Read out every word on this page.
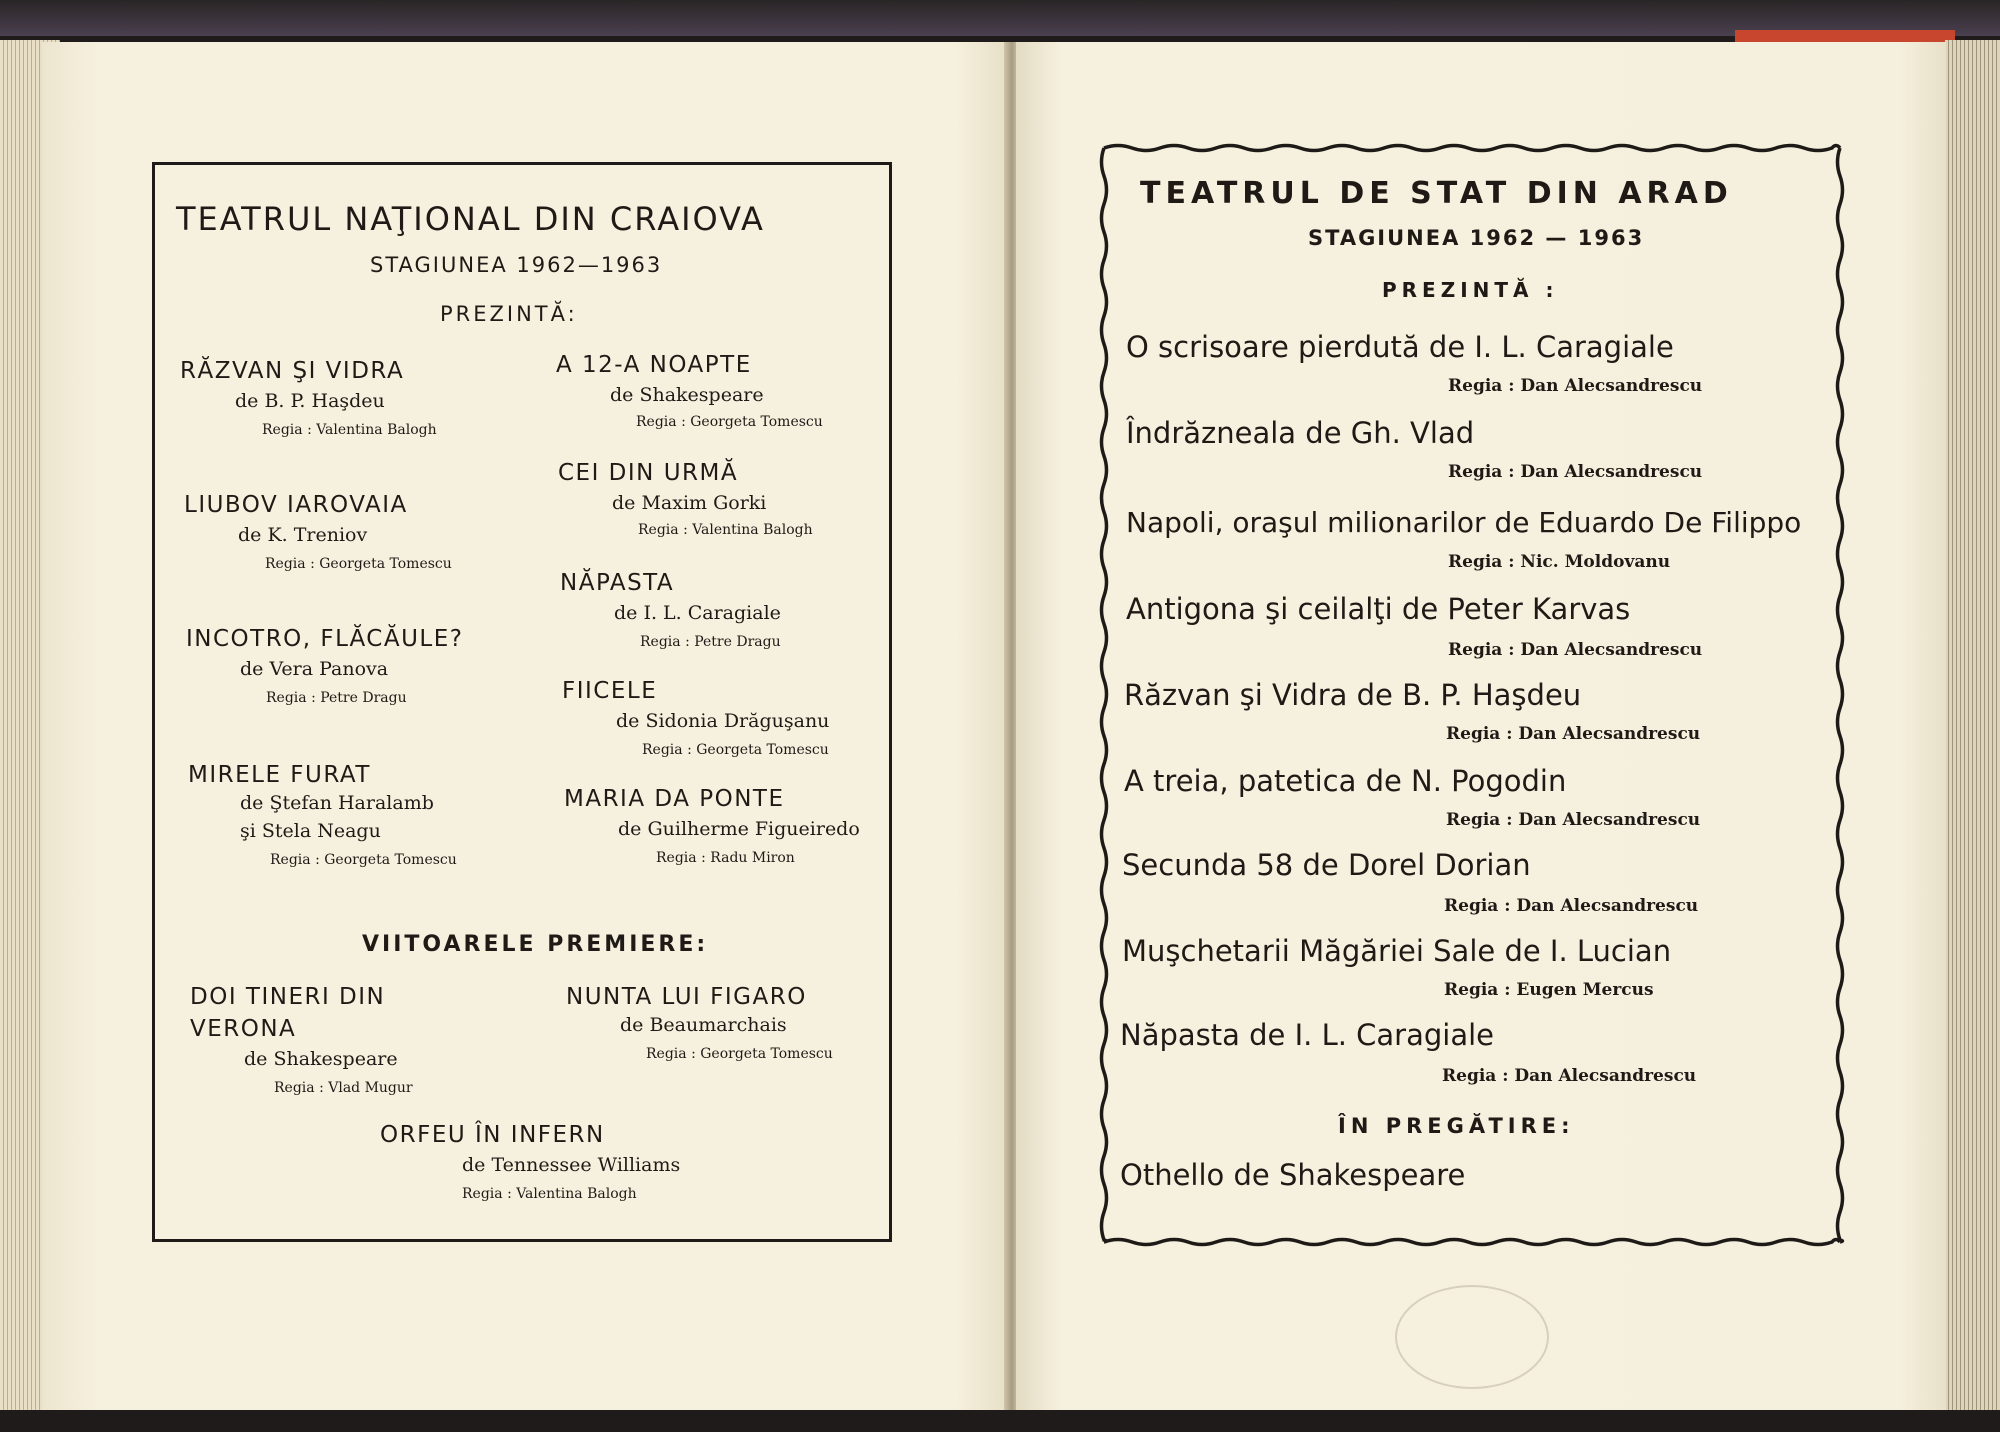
TEATRUL NAŢIONAL DIN CRAIOVA
STAGIUNEA 1962—1963
PREZINTĂ:
RĂZVAN ŞI VIDRA
de B. P. Haşdeu
Regia : Valentina Balogh
LIUBOV IAROVAIA
de K. Treniov
Regia : Georgeta Tomescu
INCOTRO, FLĂCĂULE?
de Vera Panova
Regia : Petre Dragu
MIRELE FURAT
de Ştefan Haralamb
şi Stela Neagu
Regia : Georgeta Tomescu
A 12-A NOAPTE
de Shakespeare
Regia : Georgeta Tomescu
CEI DIN URMĂ
de Maxim Gorki
Regia : Valentina Balogh
NĂPASTA
de I. L. Caragiale
Regia : Petre Dragu
FIICELE
de Sidonia Drăguşanu
Regia : Georgeta Tomescu
MARIA DA PONTE
de Guilherme Figueiredo
Regia : Radu Miron
VIITOARELE PREMIERE:
DOI TINERI DIN
VERONA
de Shakespeare
Regia : Vlad Mugur
NUNTA LUI FIGARO
de Beaumarchais
Regia : Georgeta Tomescu
ORFEU ÎN INFERN
de Tennessee Williams
Regia : Valentina Balogh
TEATRUL DE STAT DIN ARAD
STAGIUNEA 1962 — 1963
PREZINTĂ :
O scrisoare pierdută de I. L. Caragiale
Regia : Dan Alecsandrescu
Îndrăzneala de Gh. Vlad
Regia : Dan Alecsandrescu
Napoli, oraşul milionarilor de Eduardo De Filippo
Regia : Nic. Moldovanu
Antigona şi ceilalţi de Peter Karvas
Regia : Dan Alecsandrescu
Răzvan şi Vidra de B. P. Haşdeu
Regia : Dan Alecsandrescu
A treia, patetica de N. Pogodin
Regia : Dan Alecsandrescu
Secunda 58 de Dorel Dorian
Regia : Dan Alecsandrescu
Muşchetarii Măgăriei Sale de I. Lucian
Regia : Eugen Mercus
Năpasta de I. L. Caragiale
Regia : Dan Alecsandrescu
ÎN PREGĂTIRE:
Othello de Shakespeare
